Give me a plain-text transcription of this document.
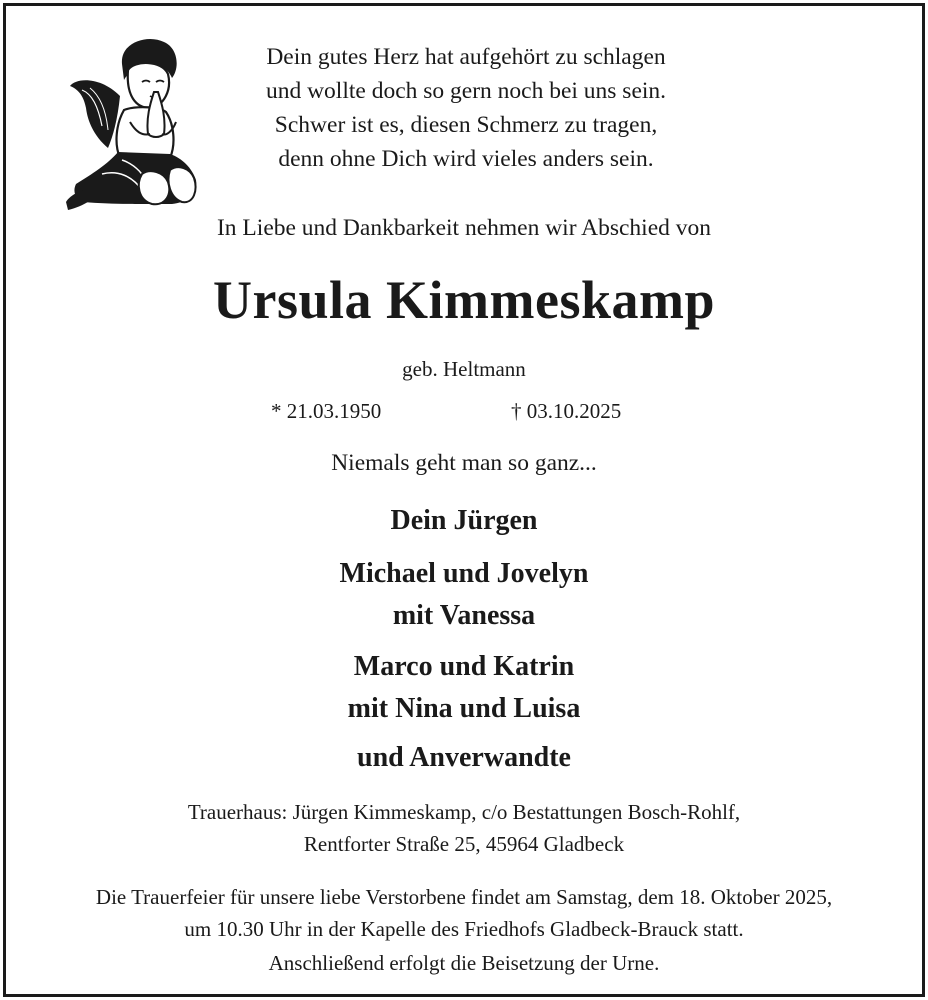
Dein gutes Herz hat aufgehört zu schlagen
und wollte doch so gern noch bei uns sein.
Schwer ist es, diesen Schmerz zu tragen,
denn ohne Dich wird vieles anders sein.
In Liebe und Dankbarkeit nehmen wir Abschied von
Ursula Kimmeskamp
geb. Heltmann
* 21.03.1950	† 03.10.2025
Niemals geht man so ganz...
Dein Jürgen
Michael und Jovelyn
mit Vanessa
Marco und Katrin
mit Nina und Luisa
und Anverwandte
Trauerhaus: Jürgen Kimmeskamp, c/o Bestattungen Bosch-Rohlf,
Rentforter Straße 25, 45964 Gladbeck
Die Trauerfeier für unsere liebe Verstorbene findet am Samstag, dem 18. Oktober 2025,
um 10.30 Uhr in der Kapelle des Friedhofs Gladbeck-Brauck statt.
Anschließend erfolgt die Beisetzung der Urne.
